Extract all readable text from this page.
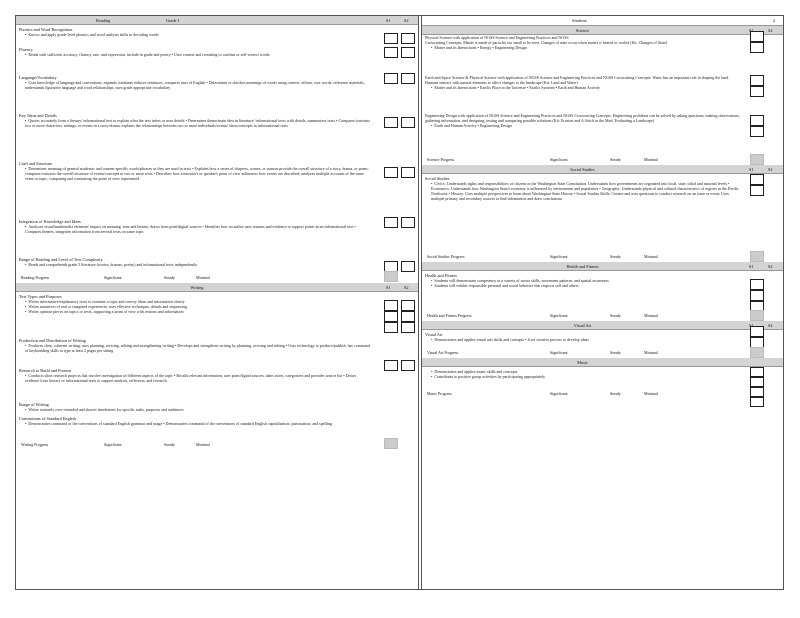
Reading	Grade 1	S1	S2
Phonics and Word Recognition
• Knows and apply grade-level phonics and word analysis skills in decoding words
Fluency
• Reads with sufficient accuracy, fluency, rate, and expression, include in grade and poetry • Uses context and rereading to confirm or self-correct words
Language/Vocabulary
• Uses knowledge of language and conventions, expands combines reduces sentences, compares uses of English • Determines or clarifies meanings of words using context, affixes, root words, reference materials, understands figurative language and word relationships, uses grade appropriate vocabulary
Key Ideas and Details
• Quotes accurately from a literary/ informational text to explain what the text infers or uses details • Determines theme/main idea in literature/ informational texts with details, summarizes texts • Compares/contrasts two or more characters, settings, or events in a story/drama, explains the relationships between two or more individuals/events/ ideas/concepts in informational texts
Craft and Structure
• Determines meaning of general academic and content-specific words/phrases as they are used in texts • Explains how a series of chapters, scenes, or stanzas provide the overall structure of a story, drama, or poem; compares/contrasts the overall structure of events/concepts in two or more texts • Describes how a narrator's or speaker's point of view influences how events are described; analyzes multiple accounts of the same event or topic, comparing and contrasting the point of view represented
Integration of Knowledge and Ideas
• Analyzes visual/multimedia elements' impact on meaning, tone and beauty; draws from print/digital sources • Identifies how an author uses reasons and evidence to support points in an informational text • Compares themes, integrates information from several texts on same topic
Range of Reading and Level of Text Complexity
• Reads and comprehends grade 5 literature (stories, dramas, poetry) and informational texts independently
Reading Progress	Significant	Steady	Minimal
Writing	S1	S2
Text Types and Purposes
• Writes informative/explanatory texts to examine a topic and convey ideas and information clearly
• Writes narratives of real or imagined experiences, uses effective techniques, details and sequencing
• Writes opinion pieces on topics or texts, supporting a point of view with reasons and information

Production and Distribution of Writing
• Produces clear, coherent writing, uses planning, revising, editing and strengthening writing • Develops and strengthens writing by planning, revising and editing • Uses technology to produce/publish, has command of keyboarding skills to type at least 2 pages per sitting
Research to Build and Present
• Conducts short research projects that involve investigation of different aspects of the topic • Recalls relevant information, uses print/digital sources, takes notes, categorizes and provides source list • Draws evidence from literary or informational texts to support analysis, reflection, and research
Range of Writing
• Writes routinely over extended and shorter timeframes for specific tasks, purposes and audiences
Conventions of Standard English
• Demonstrates command of the conventions of standard English grammar and usage • Demonstrates command of the conventions of standard English capitalization, punctuation, and spelling
Writing Progress	Significant	Steady	Minimal
Student:	2
Science	S2
Physical Science with application of NGSS Science and Engineering Practices and NGSS
Crosscutting Concepts: Matter is made of particles too small to be seen. Changes of state occur when matter is heated or cooled (Kit: Changes of State)
• Matter and its Interactions • Energy • Engineering Design
Earth and Space Science & Physical Science with application of NGSS Science and Engineering Practices and NGSS Crosscutting Concepts: Water has an important role in shaping the land. Humans interact with natural elements to affect changes to the landscape (Kit: Land and Water)
• Matter and its Interactions • Earth's Place in the Universe • Earth's Systems • Earth and Human Activity
Engineering Design with application of NGSS Science and Engineering Practices and NGSS Crosscutting Concepts: Engineering problems can be solved by asking questions, making observations, gathering information, and designing, testing and comparing possible solutions (Kit: Erosion and A Stitch in the Mud: Evaluating a Landscape)
• Earth and Human Activity • Engineering Design
Science Progress	Significant	Steady	Minimal
Social Studies	S1	S2
Social Studies
• Civics: Understands rights and responsibilities of citizens in the Washington State Constitution. Understands how governments are organized into local, state, tribal and national levels • Economics: Understands how Washington State's economy is influenced by environment and population • Geography: Understands physical and cultural characteristics of regions in the Pacific Northwest • History: Uses multiple perspectives to learn about Washington State History • Social Studies Skills: Creates and uses questions to conduct research on an issue or event; Uses multiple primary and secondary sources to find information and draw conclusions
Social Studies Progress	Significant	Steady	Minimal
Health and Fitness	S1	S2
Health and Fitness
• Students will demonstrate competency in a variety of motor skills, movement patterns, and spatial awareness
• Students will exhibit responsible personal and social behavior that respects self and others

Health and Fitness Progress	Significant	Steady	Minimal
Visual Art	S2
Visual Art
• Demonstrates and applies visual arts skills and concepts • Uses creative process to develop ideas
Visual Art Progress	Significant	Steady	Minimal
Music
• Demonstrates and applies music skills and concepts
• Contributes to positive group activities by participating appropriately

Music Progress	Significant	Steady	Minimal
